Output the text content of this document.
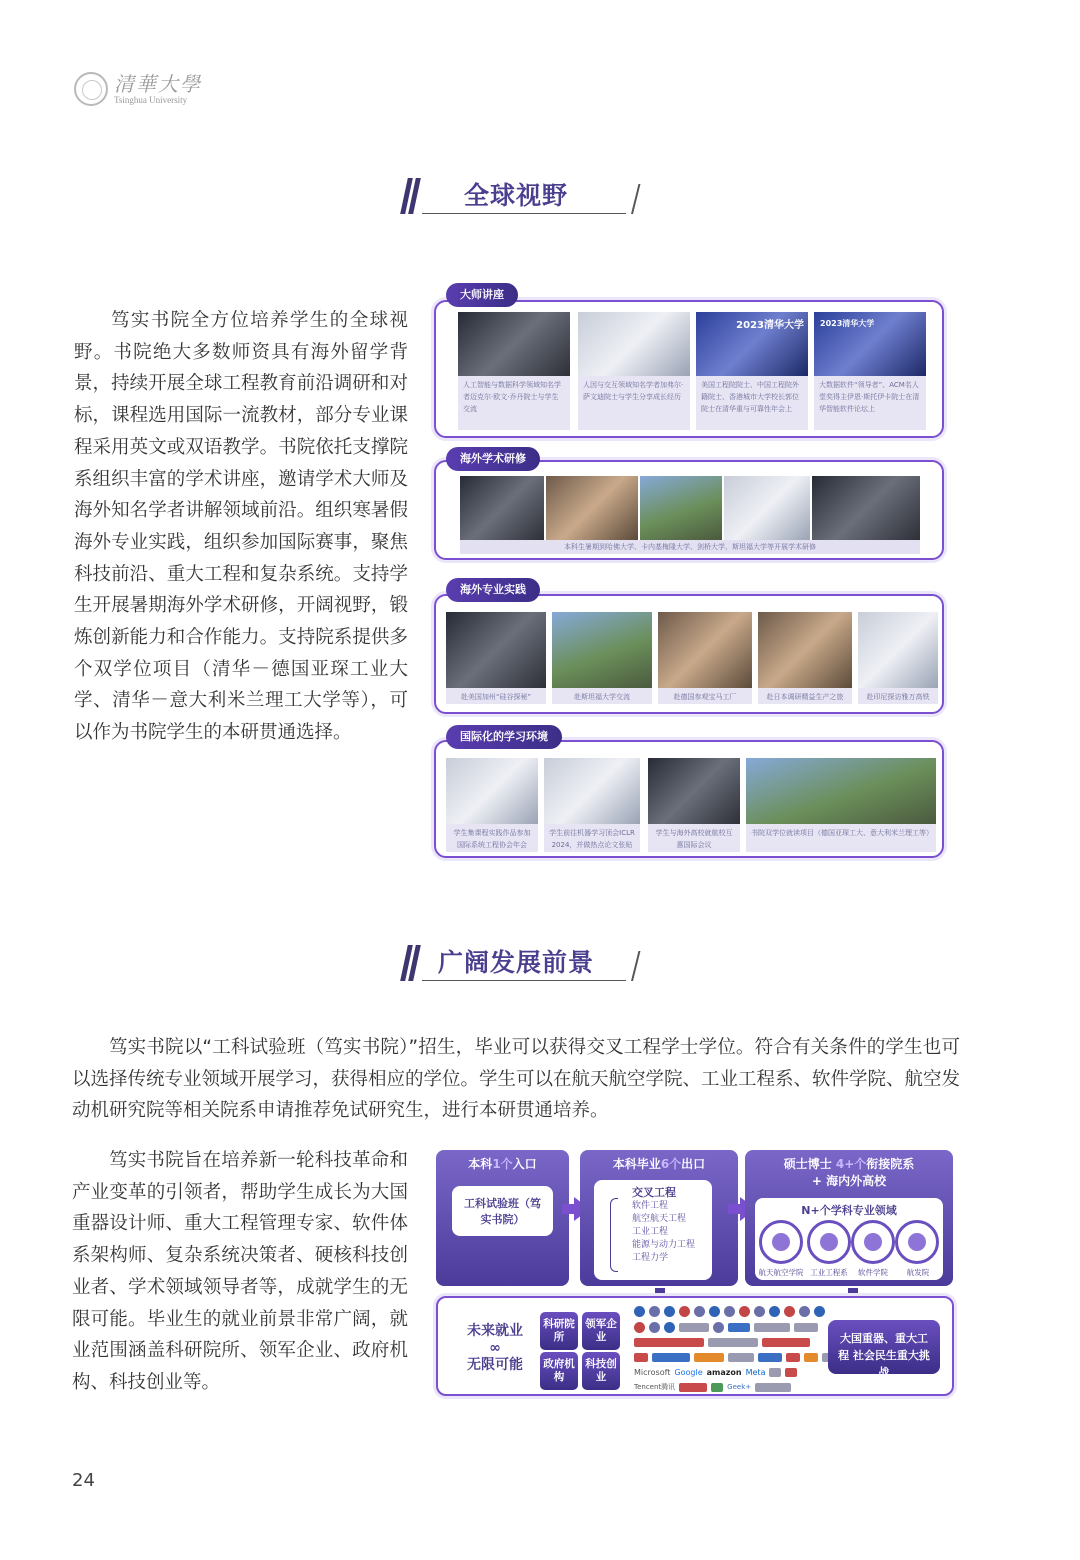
清華大學
Tsinghua University
全球视野
笃实书院全方位培养学生的全球视野。书院绝大多数师资具有海外留学背景，持续开展全球工程教育前沿调研和对标，课程选用国际一流教材，部分专业课程采用英文或双语教学。书院依托支撑院系组织丰富的学术讲座，邀请学术大师及海外知名学者讲解领域前沿。组织寒暑假海外专业实践，组织参加国际赛事，聚焦科技前沿、重大工程和复杂系统。支持学生开展暑期海外学术研修，开阔视野，锻炼创新能力和合作能力。支持院系提供多个双学位项目（清华－德国亚琛工业大学、清华－意大利米兰理工大学等），可以作为书院学生的本研贯通选择。
人工智能与数据科学领域知名学者迈克尔·欧文·乔丹院士与学生交流
人因与交互领域知名学者加弗尔·萨文迪院士与学生分享成长经历
2023清华大学
美国工程院院士、中国工程院外籍院士、香港城市大学校长郭位院士在清华重与可靠性年会上
2023清华大学
大数据软件“领导者”、ACM名人堂奖得主伊恩·斯托伊卡院士在清华智能软件论坛上
大师讲座
本科生暑期到哈佛大学、卡内基梅隆大学、剑桥大学、斯坦福大学等开展学术研修
海外学术研修
赴美国加州“硅谷探秘”	赴斯坦福大学交流	赴德国参观宝马工厂	赴日本调研精益生产之旅	赴印尼探访雅万高铁
海外专业实践
学生集课程实践作品参加国际系统工程协会年会
学生前往机器学习顶会ICLR 2024，并做热点论文张贴
学生与海外高校就航校互惠国际会议
书院双学位就读项目（德国亚琛工大、意大利米兰理工等）
国际化的学习环境
广阔发展前景
笃实书院以“工科试验班（笃实书院）”招生，毕业可以获得交叉工程学士学位。符合有关条件的学生也可以选择传统专业领域开展学习，获得相应的学位。学生可以在航天航空学院、工业工程系、软件学院、航空发动机研究院等相关院系申请推荐免试研究生，进行本研贯通培养。
笃实书院旨在培养新一轮科技革命和产业变革的引领者，帮助学生成长为大国重器设计师、重大工程管理专家、软件体系架构师、复杂系统决策者、硬核科技创业者、学术领域领导者等，成就学生的无限可能。毕业生的就业前景非常广阔，就业范围涵盖科研院所、领军企业、政府机构、科技创业等。
本科1个入口
工科试验班（笃实书院）
本科毕业6个出口
交叉工程
软件工程
航空航天工程
工业工程
能源与动力工程
工程力学
硕士博士 4+个衔接院系
+ 海内外高校
N+个学科专业领域
航天航空学院 工业工程系	软件学院	航发院
未来就业
∞
无限可能
科研院所
领军企业
政府机构
科技创业	Microsoft Google amazon Meta
Tencent腾讯	Geek+
大国重器、重大工程 社会民生重大挑战
24
